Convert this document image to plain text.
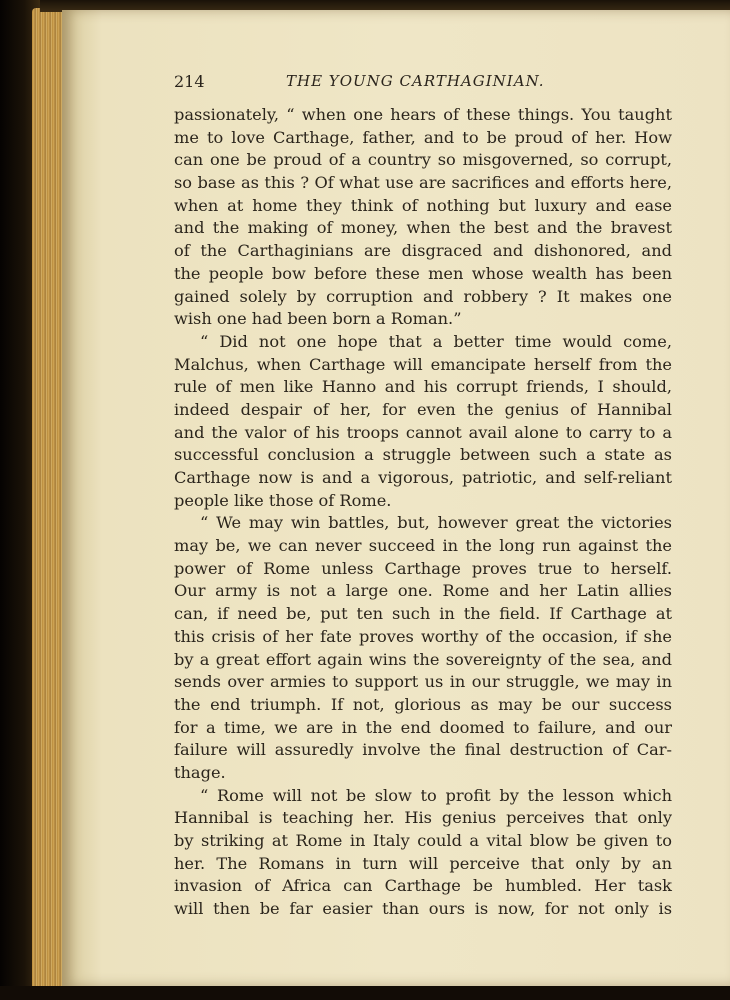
214	THE YOUNG CARTHAGINIAN.
passionately, “ when one hears of these things. You taught
me to love Carthage, father, and to be proud of her. How
can one be proud of a country so misgoverned, so corrupt,
so base as this ? Of what use are sacrifices and efforts here,
when at home they think of nothing but luxury and ease
and the making of money, when the best and the bravest
of the Carthaginians are disgraced and dishonored, and
the people bow before these men whose wealth has been
gained solely by corruption and robbery ? It makes one
wish one had been born a Roman.”
“ Did not one hope that a better time would come,
Malchus, when Carthage will emancipate herself from the
rule of men like Hanno and his corrupt friends, I should,
indeed despair of her, for even the genius of Hannibal
and the valor of his troops cannot avail alone to carry to a
successful conclusion a struggle between such a state as
Carthage now is and a vigorous, patriotic, and self-reliant
people like those of Rome.
“ We may win battles, but, however great the victories
may be, we can never succeed in the long run against the
power of Rome unless Carthage proves true to herself.
Our army is not a large one. Rome and her Latin allies
can, if need be, put ten such in the field. If Carthage at
this crisis of her fate proves worthy of the occasion, if she
by a great effort again wins the sovereignty of the sea, and
sends over armies to support us in our struggle, we may in
the end triumph. If not, glorious as may be our success
for a time, we are in the end doomed to failure, and our
failure will assuredly involve the final destruction of Car-
thage.
“ Rome will not be slow to profit by the lesson which
Hannibal is teaching her. His genius perceives that only
by striking at Rome in Italy could a vital blow be given to
her. The Romans in turn will perceive that only by an
invasion of Africa can Carthage be humbled. Her task
will then be far easier than ours is now, for not only is
